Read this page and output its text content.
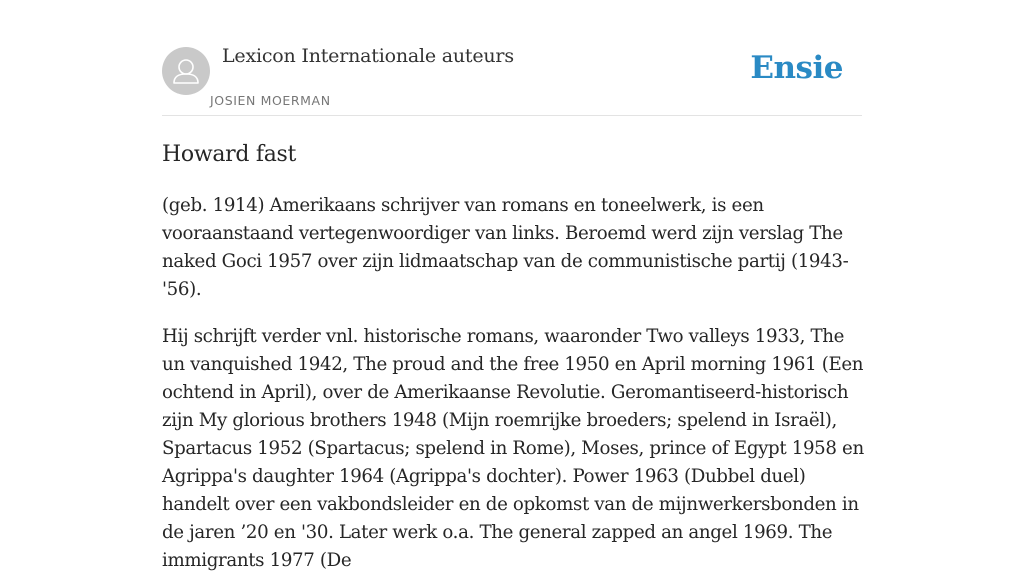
Lexicon Internationale auteurs
JOSIEN MOERMAN
Ensie
Howard fast

(geb. 1914) Amerikaans schrijver van romans en toneelwerk, is een vooraanstaand vertegenwoordiger van links. Beroemd werd zijn verslag The naked Goci 1957 over zijn lidmaatschap van de communistische partij (1943-'56).

Hij schrijft verder vnl. historische romans, waaronder Two valleys 1933, The un vanquished 1942, The proud and the free 1950 en April morning 1961 (Een ochtend in April), over de Amerikaanse Revolutie. Geromantiseerd-historisch zijn My glorious brothers 1948 (Mijn roemrijke broeders; spelend in Israël), Spartacus 1952 (Spartacus; spelend in Rome), Moses, prince of Egypt 1958 en Agrippa's daughter 1964 (Agrippa's dochter). Power 1963 (Dubbel duel) handelt over een vakbondsleider en de opkomst van de mijnwerkersbonden in de jaren ’20 en '30. Later werk o.a. The general zapped an angel 1969. The immigrants 1977 (De
